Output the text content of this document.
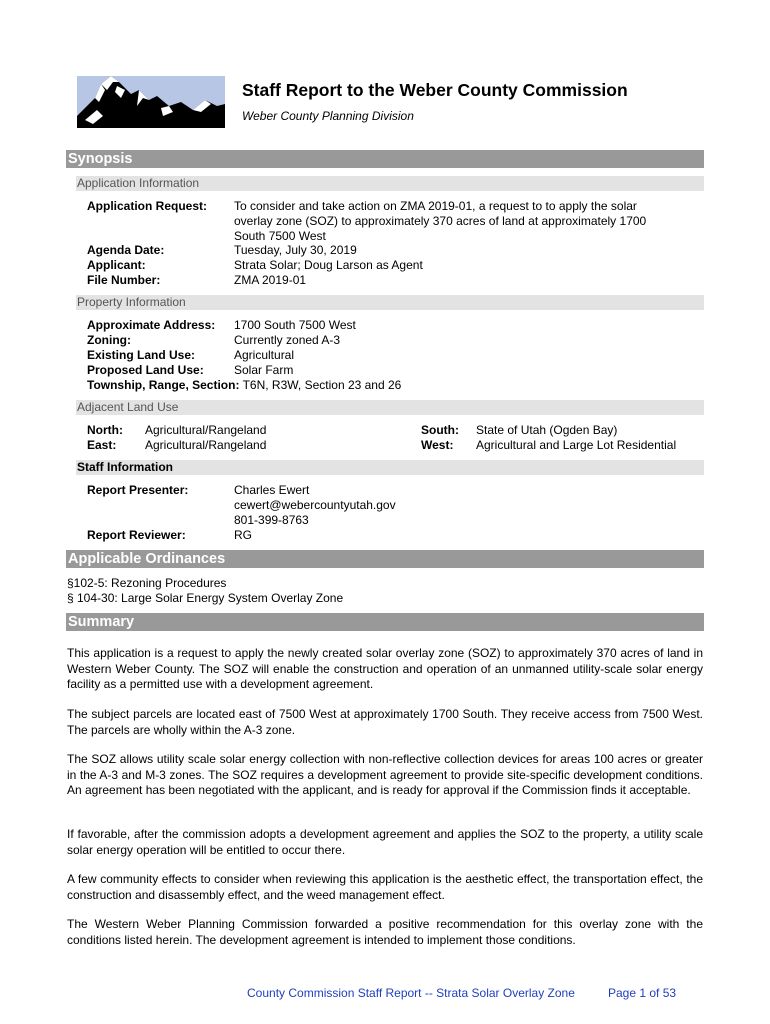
Staff Report to the Weber County Commission
Weber County Planning Division
Synopsis
Application Information
Application Request: To consider and take action on ZMA 2019-01, a request to to apply the solar
overlay zone (SOZ) to approximately 370 acres of land at approximately 1700
South 7500 West
Agenda Date:	Tuesday, July 30, 2019
Applicant:	Strata Solar; Doug Larson as Agent
File Number:	ZMA 2019-01
Property Information
Approximate Address: 1700 South 7500 West
Zoning:	Currently zoned A-3
Existing Land Use:	Agricultural
Proposed Land Use:	Solar Farm
Township, Range, Section: T6N, R3W, Section 23 and 26
Adjacent Land Use
North: Agricultural/Rangeland
East: Agricultural/Rangeland
South: State of Utah (Ogden Bay)
West: Agricultural and Large Lot Residential
Staff Information
Report Presenter:	Charles Ewert
cewert@webercountyutah.gov
801-399-8763
Report Reviewer:	RG
Applicable Ordinances
§102-5: Rezoning Procedures
§ 104-30: Large Solar Energy System Overlay Zone
Summary
This application is a request to apply the newly created solar overlay zone (SOZ) to approximately 370 acres of land in Western Weber County. The SOZ will enable the construction and operation of an unmanned utility-scale solar energy facility as a permitted use with a development agreement.
The subject parcels are located east of 7500 West at approximately 1700 South. They receive access from 7500 West. The parcels are wholly within the A-3 zone.
The SOZ allows utility scale solar energy collection with non-reflective collection devices for areas 100 acres or greater in the A-3 and M-3 zones. The SOZ requires a development agreement to provide site-specific development conditions. An agreement has been negotiated with the applicant, and is ready for approval if the Commission finds it acceptable.
If favorable, after the commission adopts a development agreement and applies the SOZ to the property, a utility scale solar energy operation will be entitled to occur there.
A few community effects to consider when reviewing this application is the aesthetic effect, the transportation effect, the construction and disassembly effect, and the weed management effect.
The Western Weber Planning Commission forwarded a positive recommendation for this overlay zone with the conditions listed herein. The development agreement is intended to implement those conditions.
County Commission Staff Report -- Strata Solar Overlay Zone	Page 1 of 53
